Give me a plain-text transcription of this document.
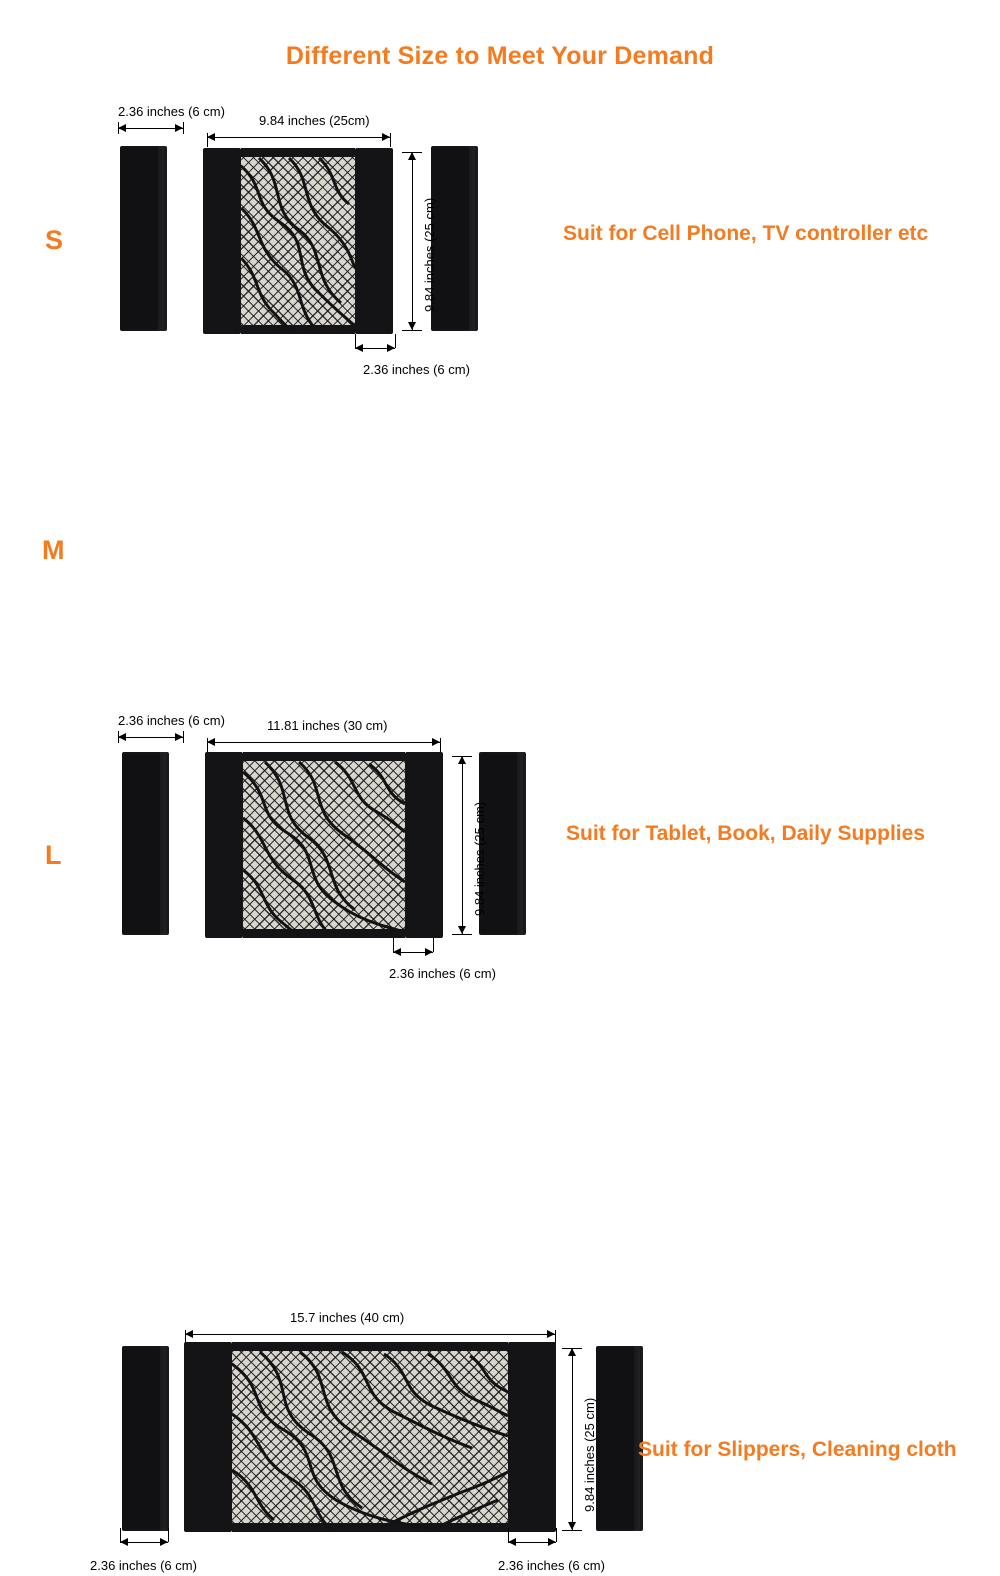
Different Size to Meet Your Demand
S
2.36 inches (6 cm)
9.84 inches (25cm)
9.84 inches (25 cm)
2.36 inches (6 cm)
Suit for Cell Phone, TV controller etc
M
2.36 inches (6 cm)	11.81 inches (30 cm)
9.84 inches (25 cm)
2.36 inches (6 cm)
Suit for Tablet, Book, Daily Supplies
L
15.7 inches (40 cm)
9.84 inches (25 cm)
2.36 inches (6 cm)	2.36 inches (6 cm)
Suit for Slippers, Cleaning cloth
